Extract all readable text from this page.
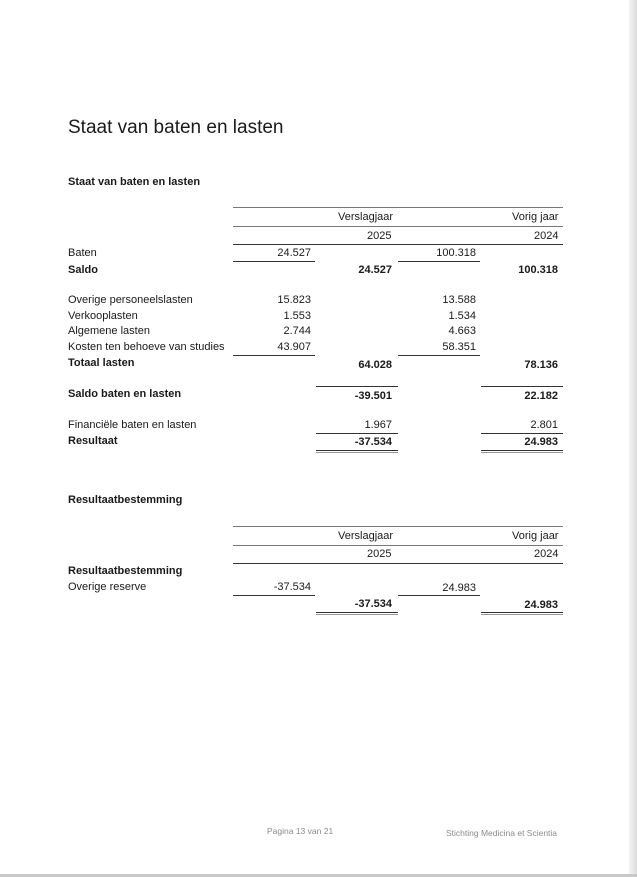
Staat van baten en lasten
Staat van baten en lasten
Verslagjaar	Vorig jaar
2025	2024
Baten	24.527	100.318
Saldo	24.527	100.318
Overige personeelslasten	15.823	13.588
Verkooplasten	1.553	1.534
Algemene lasten	2.744	4.663
Kosten ten behoeve van studies	43.907	58.351
Totaal lasten	64.028	78.136
Saldo baten en lasten	-39.501	22.182
Financiële baten en lasten	1.967	2.801
Resultaat	-37.534	24.983
Resultaatbestemming
Verslagjaar	Vorig jaar
2025	2024
Resultaatbestemming
Overige reserve	-37.534	24.983
-37.534	24.983
Pagina 13 van 21	Stichting Medicina et Scientia
